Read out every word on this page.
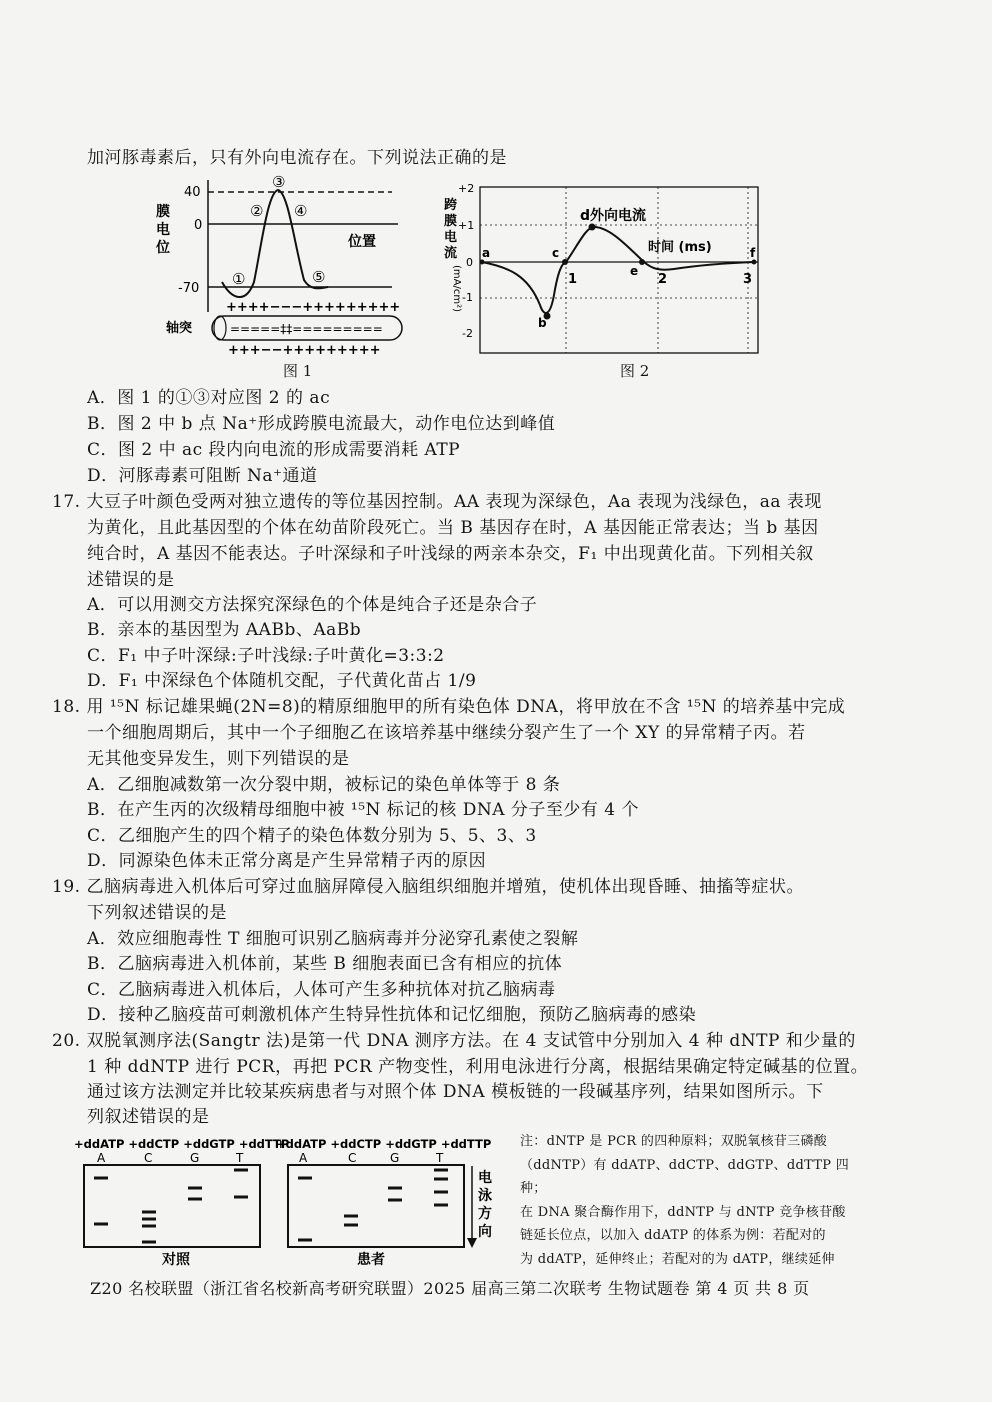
加河豚毒素后，只有外向电流存在。下列说法正确的是
膜
电
位
40
0
-70
位置
①
②
③
④
⑤
++++−−−+++++++++
轴突	=====‡‡=========
+++−−+++++++++
图 1
跨
膜
电
流
(mA/cm²)
+2
+1
0
-1
-2
1	2	3
a
b
c
d外向电流
e
f
时间 (ms)
图 2
A．图 1 的①③对应图 2 的 ac
B．图 2 中 b 点 Na⁺形成跨膜电流最大，动作电位达到峰值
C．图 2 中 ac 段内向电流的形成需要消耗 ATP
D．河豚毒素可阻断 Na⁺通道
17. 大豆子叶颜色受两对独立遗传的等位基因控制。AA 表现为深绿色，Aa 表现为浅绿色，aa 表现
为黄化，且此基因型的个体在幼苗阶段死亡。当 B 基因存在时，A 基因能正常表达；当 b 基因
纯合时，A 基因不能表达。子叶深绿和子叶浅绿的两亲本杂交，F₁ 中出现黄化苗。下列相关叙
述错误的是
A．可以用测交方法探究深绿色的个体是纯合子还是杂合子
B．亲本的基因型为 AABb、AaBb
C．F₁ 中子叶深绿:子叶浅绿:子叶黄化=3:3:2
D．F₁ 中深绿色个体随机交配，子代黄化苗占 1/9
18. 用 ¹⁵N 标记雄果蝇(2N=8)的精原细胞甲的所有染色体 DNA，将甲放在不含 ¹⁵N 的培养基中完成
一个细胞周期后，其中一个子细胞乙在该培养基中继续分裂产生了一个 XY 的异常精子丙。若
无其他变异发生，则下列错误的是
A．乙细胞减数第一次分裂中期，被标记的染色单体等于 8 条
B．在产生丙的次级精母细胞中被 ¹⁵N 标记的核 DNA 分子至少有 4 个
C．乙细胞产生的四个精子的染色体数分别为 5、5、3、3
D．同源染色体未正常分离是产生异常精子丙的原因
19. 乙脑病毒进入机体后可穿过血脑屏障侵入脑组织细胞并增殖，使机体出现昏睡、抽搐等症状。
下列叙述错误的是
A．效应细胞毒性 T 细胞可识别乙脑病毒并分泌穿孔素使之裂解
B．乙脑病毒进入机体前，某些 B 细胞表面已含有相应的抗体
C．乙脑病毒进入机体后，人体可产生多种抗体对抗乙脑病毒
D．接种乙脑疫苗可刺激机体产生特异性抗体和记忆细胞，预防乙脑病毒的感染
20. 双脱氧测序法(Sangtr 法)是第一代 DNA 测序方法。在 4 支试管中分别加入 4 种 dNTP 和少量的
1 种 ddNTP 进行 PCR，再把 PCR 产物变性，利用电泳进行分离，根据结果确定特定碱基的位置。
通过该方法测定并比较某疾病患者与对照个体 DNA 模板链的一段碱基序列，结果如图所示。下
列叙述错误的是
+ddATP +ddCTP +ddGTP +ddTTP
+ddATP +ddCTP +ddGTP +ddTTP
A	C	G	T	A	C	G	T
对照	患者
电
泳
方
向
注：dNTP 是 PCR 的四种原料；双脱氧核苷三磷酸
（ddNTP）有 ddATP、ddCTP、ddGTP、ddTTP 四种；
在 DNA 聚合酶作用下，ddNTP 与 dNTP 竞争核苷酸
链延长位点，以加入 ddATP 的体系为例：若配对的
为 ddATP，延伸终止；若配对的为 dATP，继续延伸
Z20 名校联盟（浙江省名校新高考研究联盟）2025 届高三第二次联考 生物试题卷 第 4 页 共 8 页
